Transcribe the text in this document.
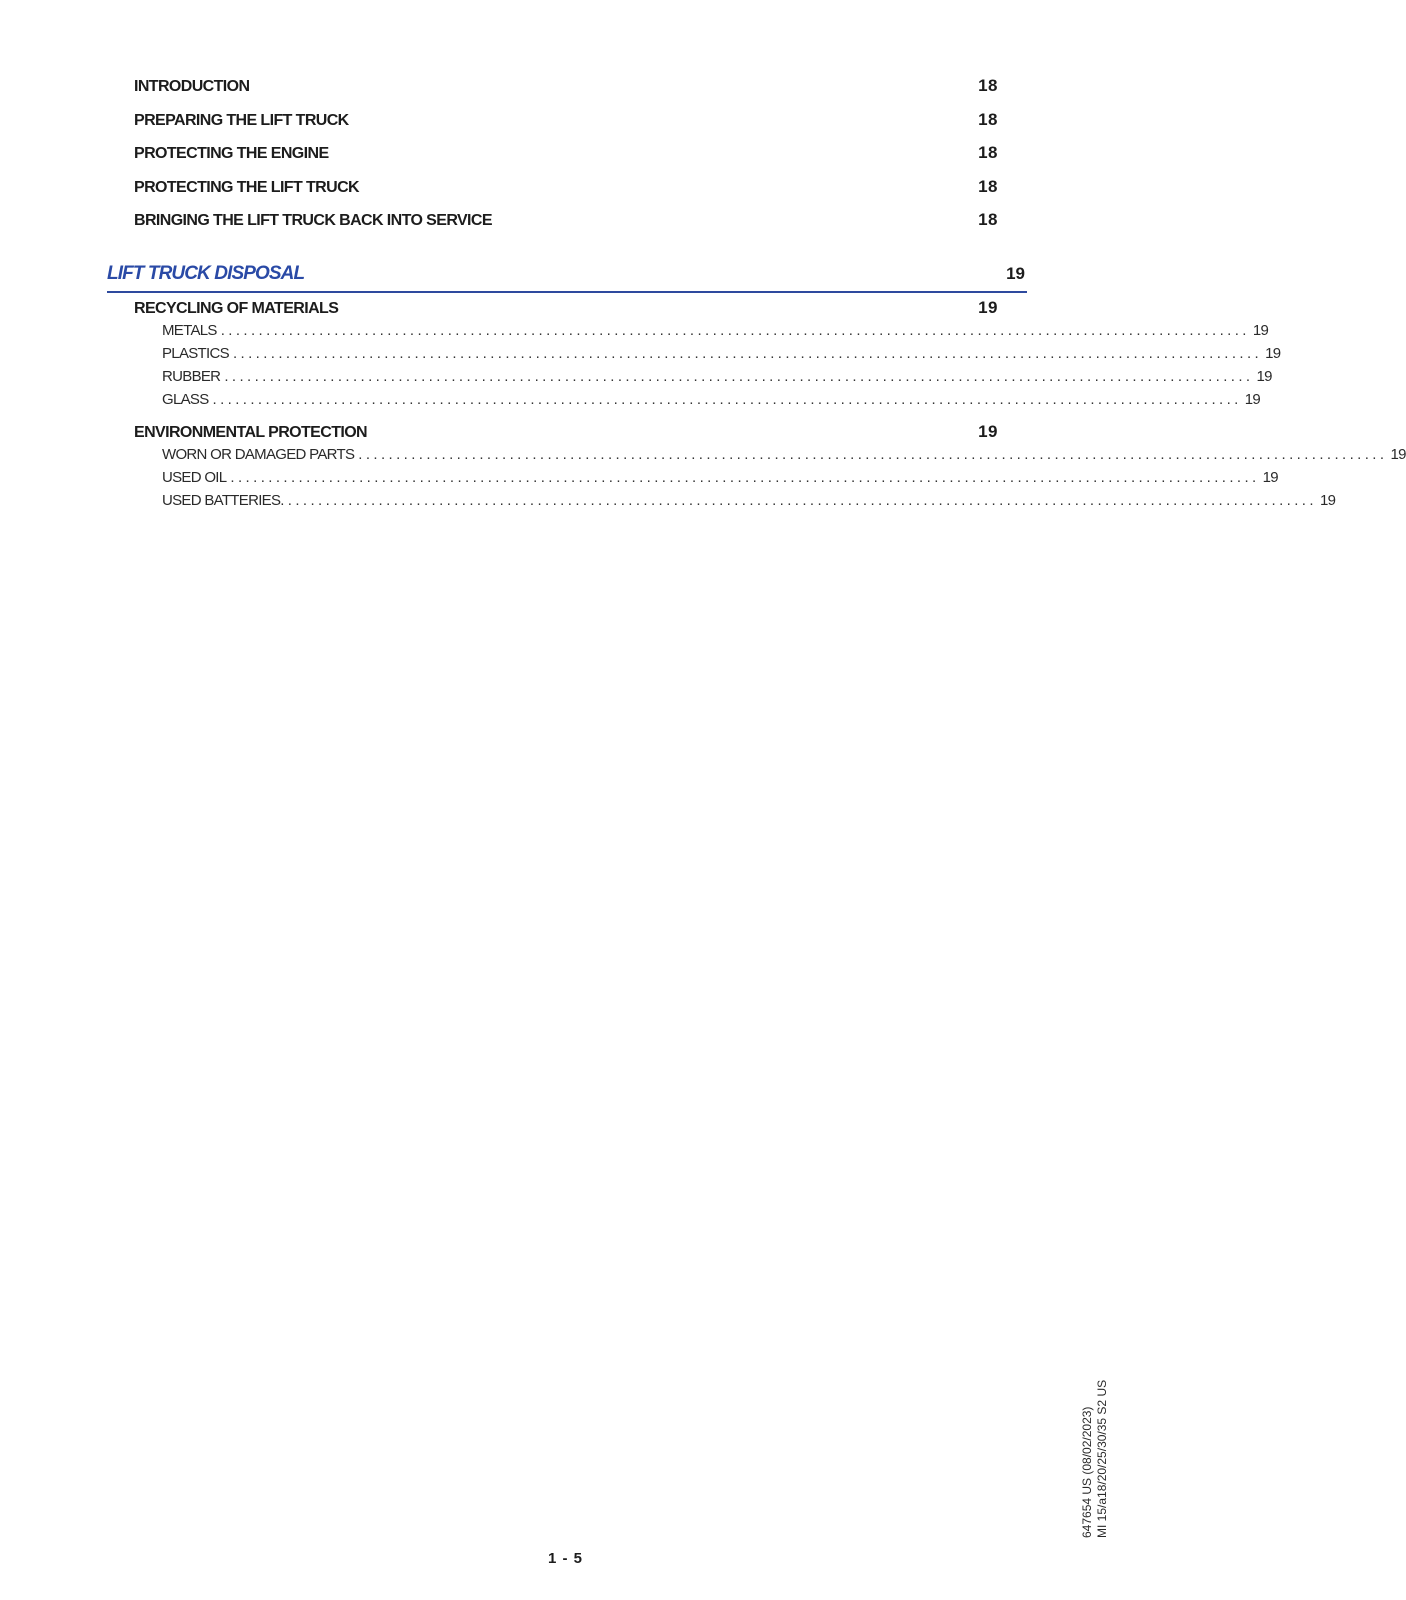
INTRODUCTION	18
PREPARING THE LIFT TRUCK	18
PROTECTING THE ENGINE	18
PROTECTING THE LIFT TRUCK	18
BRINGING THE LIFT TRUCK BACK INTO SERVICE	18
LIFT TRUCK DISPOSAL	19
RECYCLING OF MATERIALS	19
METALS ........................................................................................................................................ 19
PLASTICS ........................................................................................................................................ 19
RUBBER ........................................................................................................................................ 19
GLASS ........................................................................................................................................ 19
ENVIRONMENTAL PROTECTION	19
WORN OR DAMAGED PARTS ........................................................................................................................................ 19
USED OIL ........................................................................................................................................ 19
USED BATTERIES. ........................................................................................................................................ 19
647654 US (08/02/2023) MI 15/a18/20/25/30/35 S2 US
1 - 5
